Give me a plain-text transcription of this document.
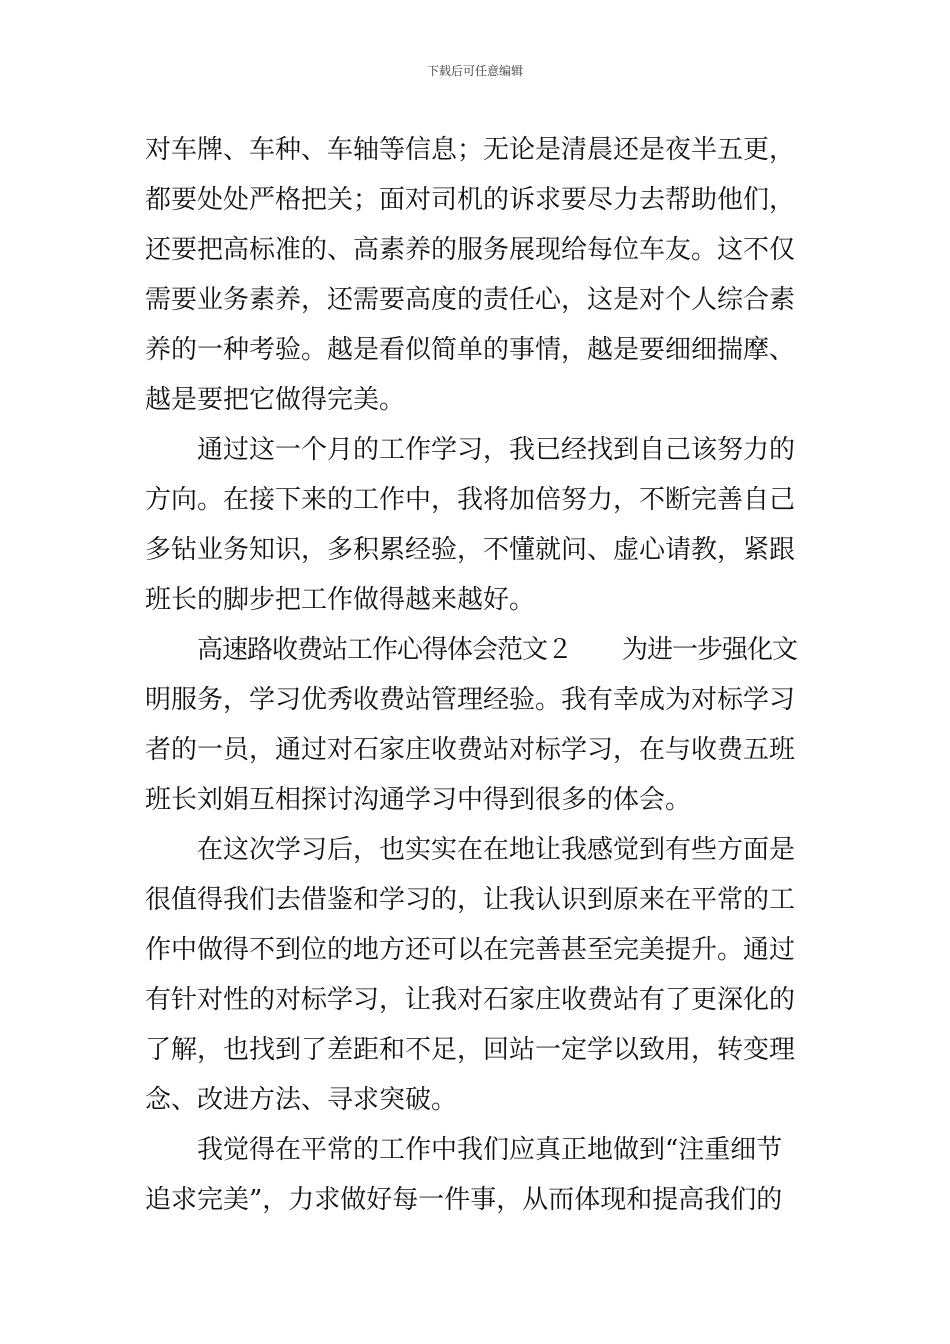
下载后可任意编辑
对车牌、车种、车轴等信息；无论是清晨还是夜半五更，
都要处处严格把关；面对司机的诉求要尽力去帮助他们，
还要把高标准的、高素养的服务展现给每位车友。这不仅
需要业务素养，还需要高度的责任心，这是对个人综合素
养的一种考验。越是看似简单的事情，越是要细细揣摩、
越是要把它做得完美。
通过这一个月的工作学习，我已经找到自己该努力的
方向。在接下来的工作中，我将加倍努力，不断完善自己
多钻业务知识，多积累经验，不懂就问、虚心请教，紧跟
班长的脚步把工作做得越来越好。
高速路收费站工作心得体会范文２　　为进一步强化文
明服务，学习优秀收费站管理经验。我有幸成为对标学习
者的一员，通过对石家庄收费站对标学习，在与收费五班
班长刘娟互相探讨沟通学习中得到很多的体会。
在这次学习后，也实实在在地让我感觉到有些方面是
很值得我们去借鉴和学习的，让我认识到原来在平常的工
作中做得不到位的地方还可以在完善甚至完美提升。通过
有针对性的对标学习，让我对石家庄收费站有了更深化的
了解，也找到了差距和不足，回站一定学以致用，转变理
念、改进方法、寻求突破。
我觉得在平常的工作中我们应真正地做到“注重细节
追求完美”，力求做好每一件事，从而体现和提高我们的
